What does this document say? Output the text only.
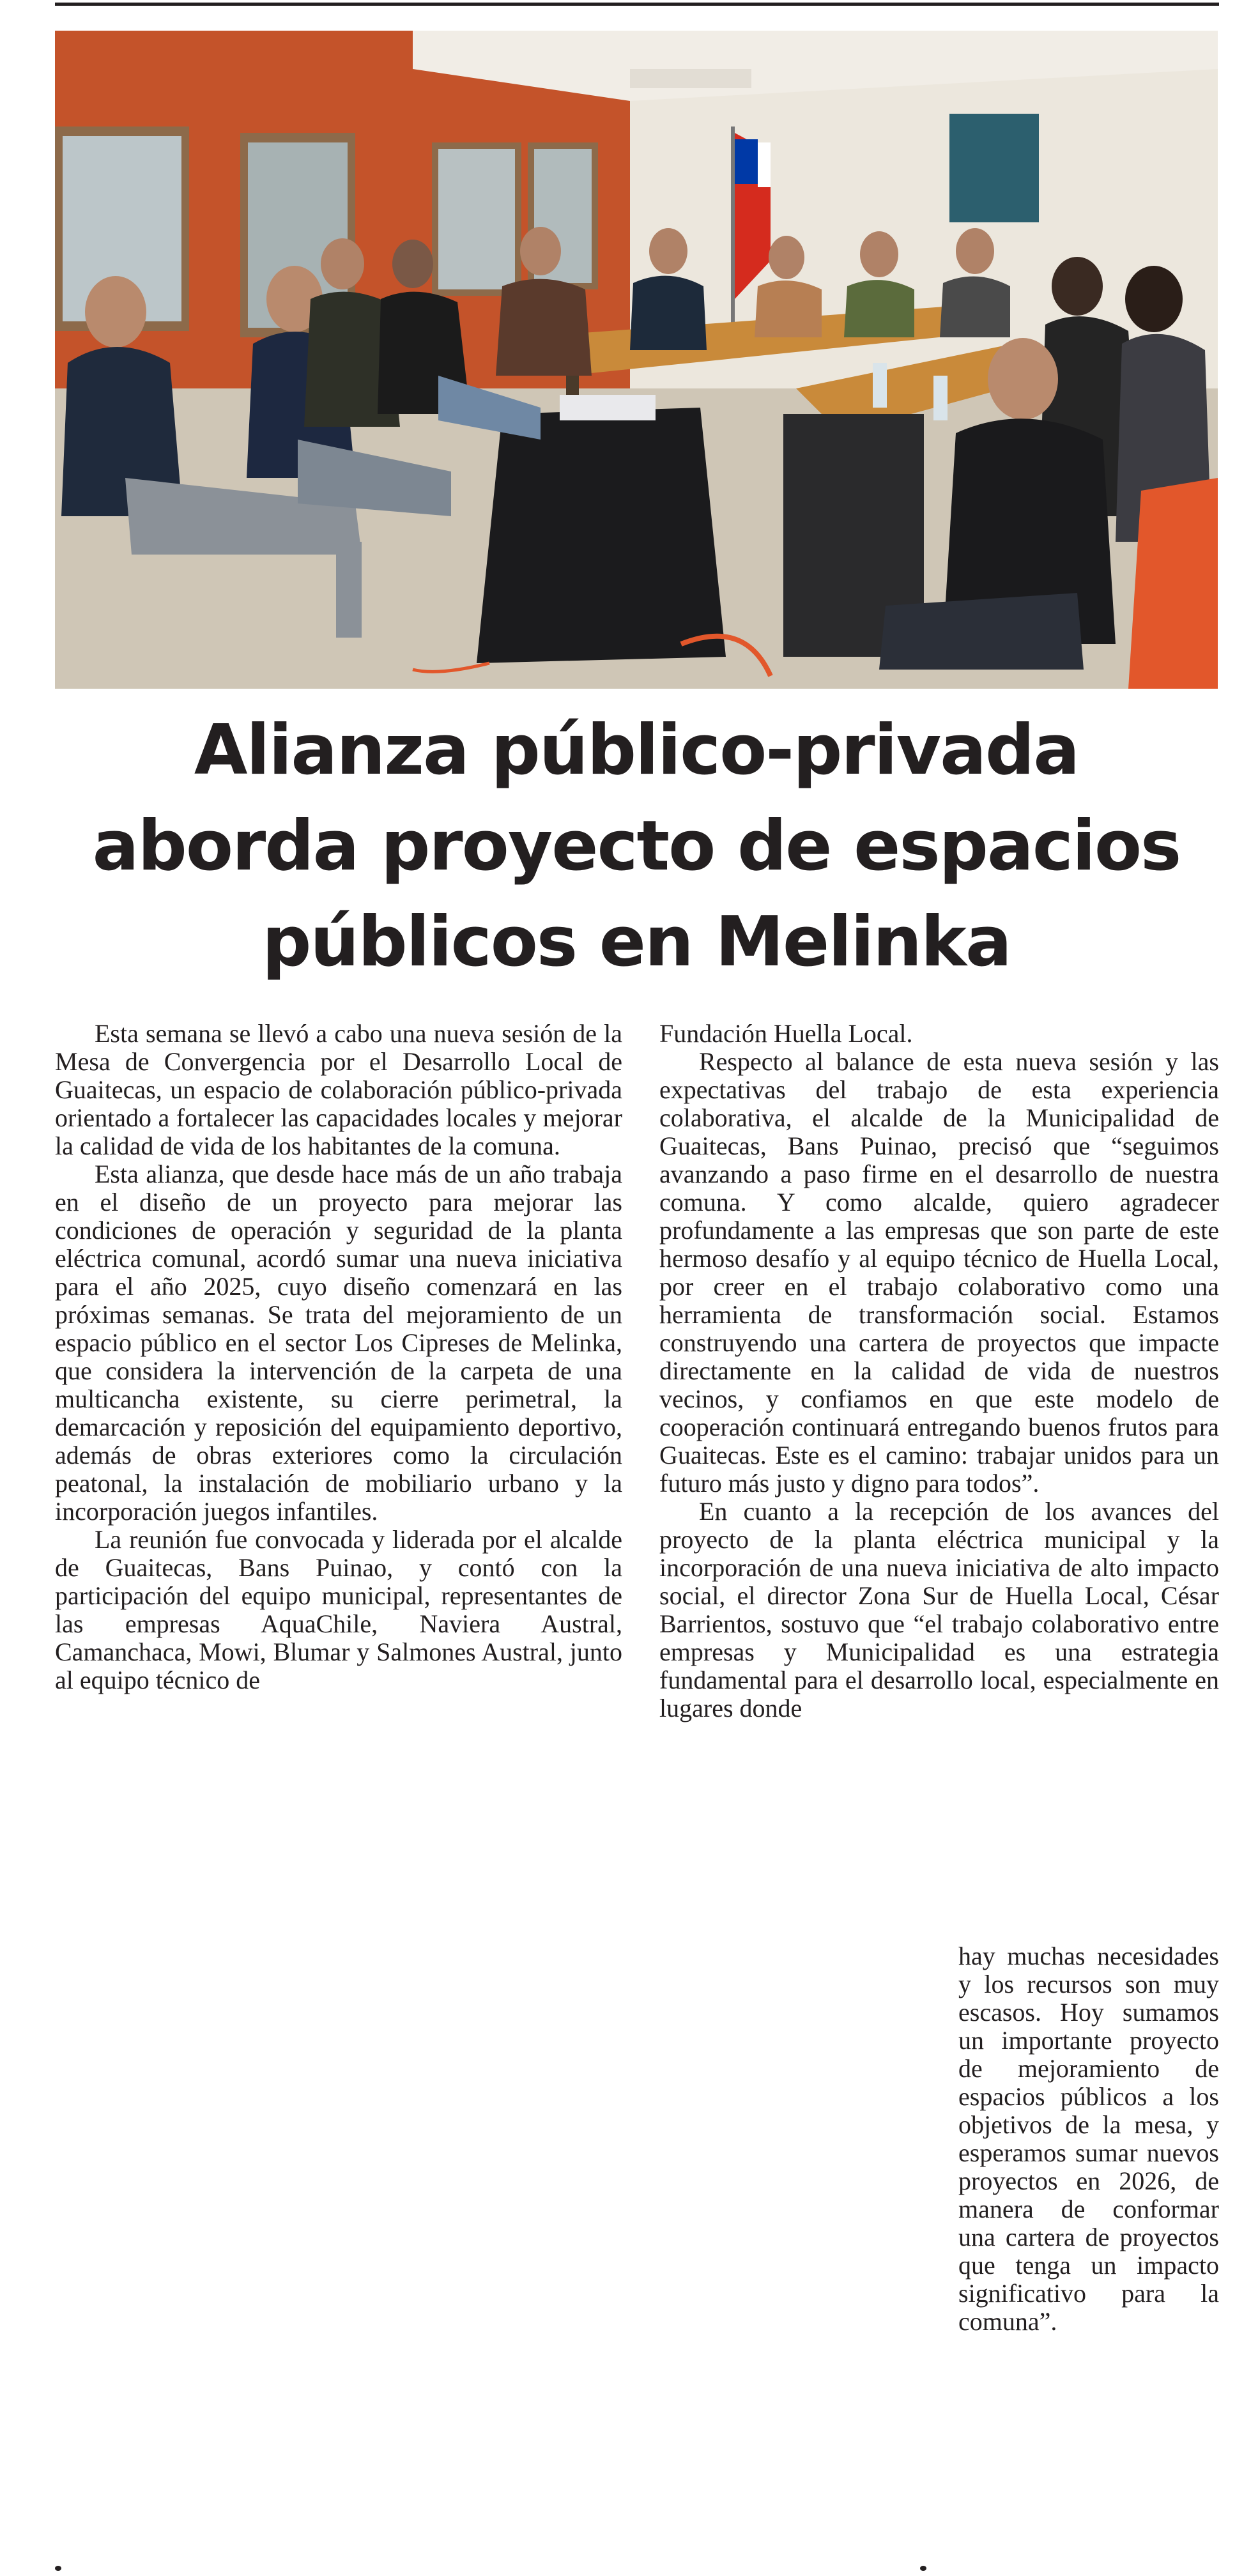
Alianza público-privada aborda proyecto de espacios públicos en Melinka

Esta semana se llevó a cabo una nueva sesión de la Mesa de Convergencia por el Desarrollo Local de Guaitecas, un espacio de colaboración público-privada orientado a fortalecer las capacidades locales y mejorar la calidad de vida de los habitantes de la comuna.

Esta alianza, que desde hace más de un año trabaja en el diseño de un proyecto para mejorar las condiciones de operación y seguridad de la planta eléctrica comunal, acordó sumar una nueva iniciativa para el año 2025, cuyo diseño comenzará en las próximas semanas. Se trata del mejoramiento de un espacio público en el sector Los Cipreses de Melinka, que considera la intervención de la carpeta de una multicancha existente, su cierre perimetral, la demarcación y reposición del equipamiento deportivo, además de obras exteriores como la circulación peatonal, la instalación de mobiliario urbano y la incorporación juegos infantiles.

La reunión fue convocada y liderada por el alcalde de Guaitecas, Bans Puinao, y contó con la participación del equipo municipal, representantes de las empresas AquaChile, Naviera Austral, Camanchaca, Mowi, Blumar y Salmones Austral, junto al equipo técnico de

Fundación Huella Local.

Respecto al balance de esta nueva sesión y las expectativas del trabajo de esta experiencia colaborativa, el alcalde de la Municipalidad de Guaitecas, Bans Puinao, precisó que “seguimos avanzando a paso firme en el desarrollo de nuestra comuna. Y como alcalde, quiero agradecer profundamente a las empresas que son parte de este hermoso desafío y al equipo técnico de Huella Local, por creer en el trabajo colaborativo como una herramienta de transformación social. Estamos construyendo una cartera de proyectos que impacte directamente en la calidad de vida de nuestros vecinos, y confiamos en que este modelo de cooperación continuará entregando buenos frutos para Guaitecas. Este es el camino: trabajar unidos para un futuro más justo y digno para todos”.

En cuanto a la recepción de los avances del proyecto de la planta eléctrica municipal y la incorporación de una nueva iniciativa de alto impacto social, el director Zona Sur de Huella Local, César Barrientos, sostuvo que “el trabajo colaborativo entre empresas y Municipalidad es una estrategia fundamental para el desarrollo local, especialmente en lugares donde

hay muchas necesidades y los recursos son muy escasos. Hoy sumamos un importante proyecto de mejoramiento de espacios públicos a los objetivos de la mesa, y esperamos sumar nuevos proyectos en 2026, de manera de conformar una cartera de proyectos que tenga un impacto significativo para la comuna”.
